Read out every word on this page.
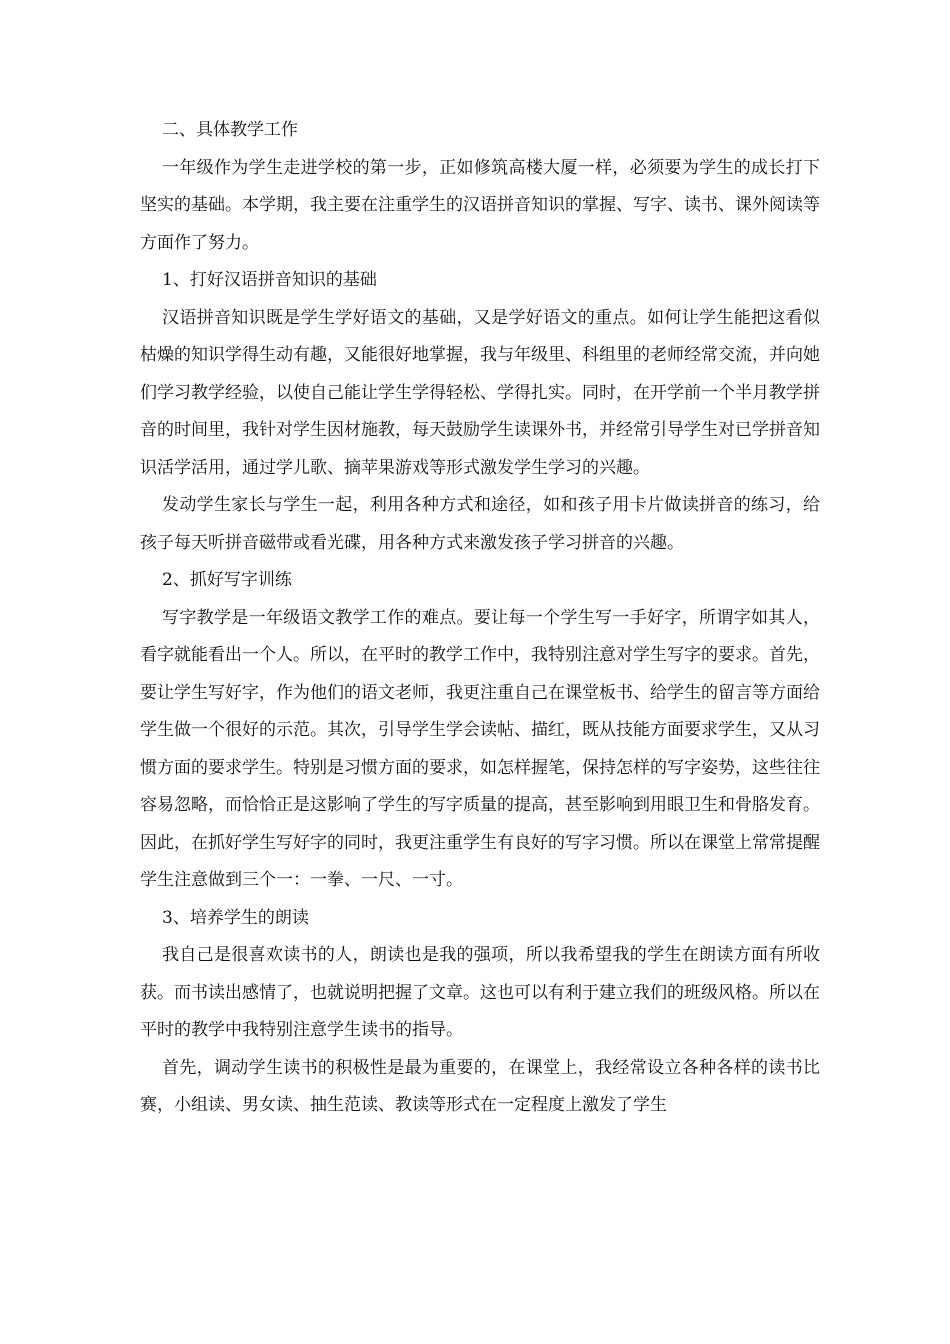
二、具体教学工作

一年级作为学生走进学校的第一步，正如修筑高楼大厦一样，必须要为学生的成长打下坚实的基础。本学期，我主要在注重学生的汉语拼音知识的掌握、写字、读书、课外阅读等方面作了努力。

1、打好汉语拼音知识的基础

汉语拼音知识既是学生学好语文的基础，又是学好语文的重点。如何让学生能把这看似枯燥的知识学得生动有趣，又能很好地掌握，我与年级里、科组里的老师经常交流，并向她们学习教学经验，以使自己能让学生学得轻松、学得扎实。同时，在开学前一个半月教学拼音的时间里，我针对学生因材施教，每天鼓励学生读课外书，并经常引导学生对已学拼音知识活学活用，通过学儿歌、摘苹果游戏等形式激发学生学习的兴趣。

发动学生家长与学生一起，利用各种方式和途径，如和孩子用卡片做读拼音的练习，给孩子每天听拼音磁带或看光碟，用各种方式来激发孩子学习拼音的兴趣。

2、抓好写字训练

写字教学是一年级语文教学工作的难点。要让每一个学生写一手好字，所谓字如其人，看字就能看出一个人。所以，在平时的教学工作中，我特别注意对学生写字的要求。首先，要让学生写好字，作为他们的语文老师，我更注重自己在课堂板书、给学生的留言等方面给学生做一个很好的示范。其次，引导学生学会读帖、描红，既从技能方面要求学生，又从习惯方面的要求学生。特别是习惯方面的要求，如怎样握笔，保持怎样的写字姿势，这些往往容易忽略，而恰恰正是这影响了学生的写字质量的提高，甚至影响到用眼卫生和骨胳发育。因此，在抓好学生写好字的同时，我更注重学生有良好的写字习惯。所以在课堂上常常提醒学生注意做到三个一：一拳、一尺、一寸。

3、培养学生的朗读

我自己是很喜欢读书的人，朗读也是我的强项，所以我希望我的学生在朗读方面有所收获。而书读出感情了，也就说明把握了文章。这也可以有利于建立我们的班级风格。所以在平时的教学中我特别注意学生读书的指导。

首先，调动学生读书的积极性是最为重要的，在课堂上，我经常设立各种各样的读书比赛，小组读、男女读、抽生范读、教读等形式在一定程度上激发了学生
